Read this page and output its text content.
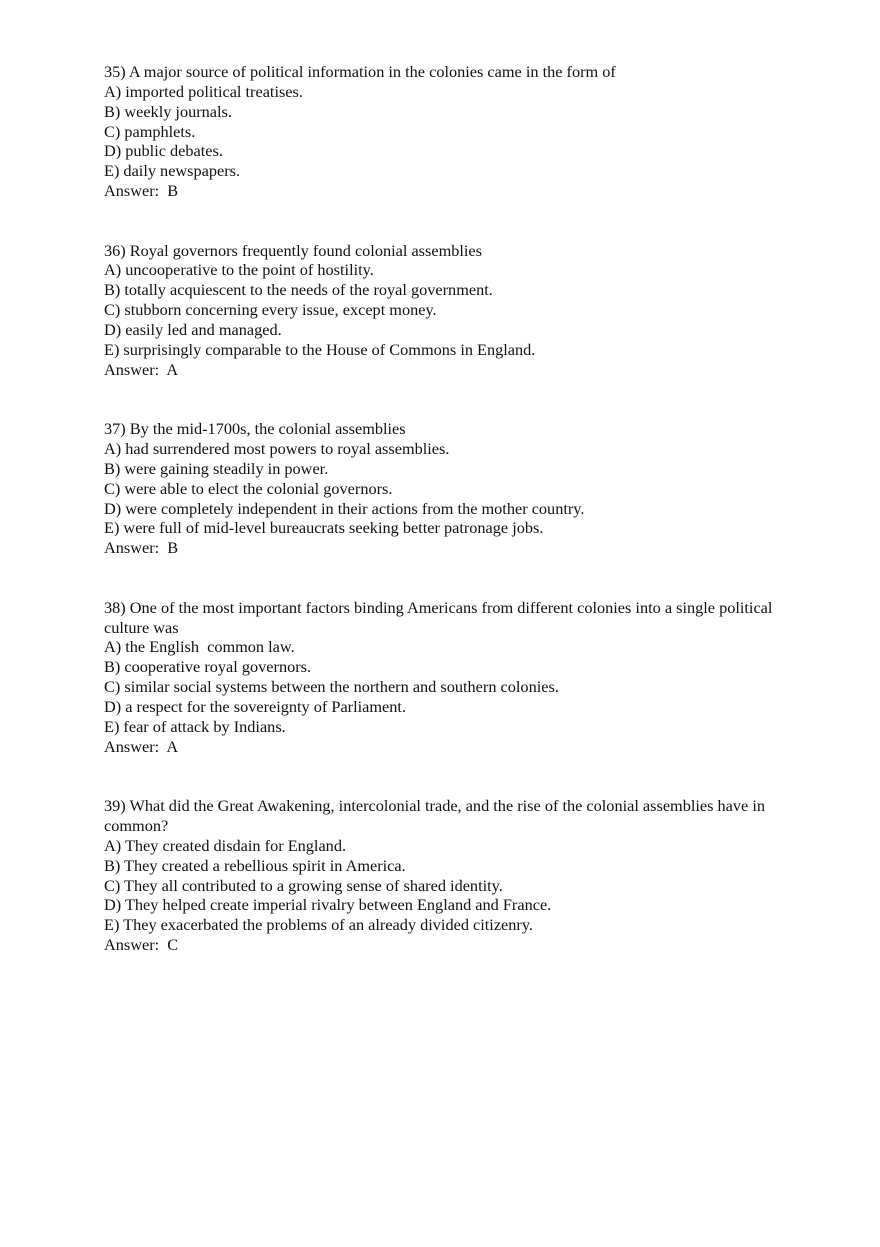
35) A major source of political information in the colonies came in the form of
A) imported political treatises.
B) weekly journals.
C) pamphlets.
D) public debates.
E) daily newspapers.
Answer:  B
36) Royal governors frequently found colonial assemblies
A) uncooperative to the point of hostility.
B) totally acquiescent to the needs of the royal government.
C) stubborn concerning every issue, except money.
D) easily led and managed.
E) surprisingly comparable to the House of Commons in England.
Answer:  A
37) By the mid-1700s, the colonial assemblies
A) had surrendered most powers to royal assemblies.
B) were gaining steadily in power.
C) were able to elect the colonial governors.
D) were completely independent in their actions from the mother country.
E) were full of mid-level bureaucrats seeking better patronage jobs.
Answer:  B
38) One of the most important factors binding Americans from different colonies into a single political culture was
A) the English  common law.
B) cooperative royal governors.
C) similar social systems between the northern and southern colonies.
D) a respect for the sovereignty of Parliament.
E) fear of attack by Indians.
Answer:  A
39) What did the Great Awakening, intercolonial trade, and the rise of the colonial assemblies have in common?
A) They created disdain for England.
B) They created a rebellious spirit in America.
C) They all contributed to a growing sense of shared identity.
D) They helped create imperial rivalry between England and France.
E) They exacerbated the problems of an already divided citizenry.
Answer:  C
